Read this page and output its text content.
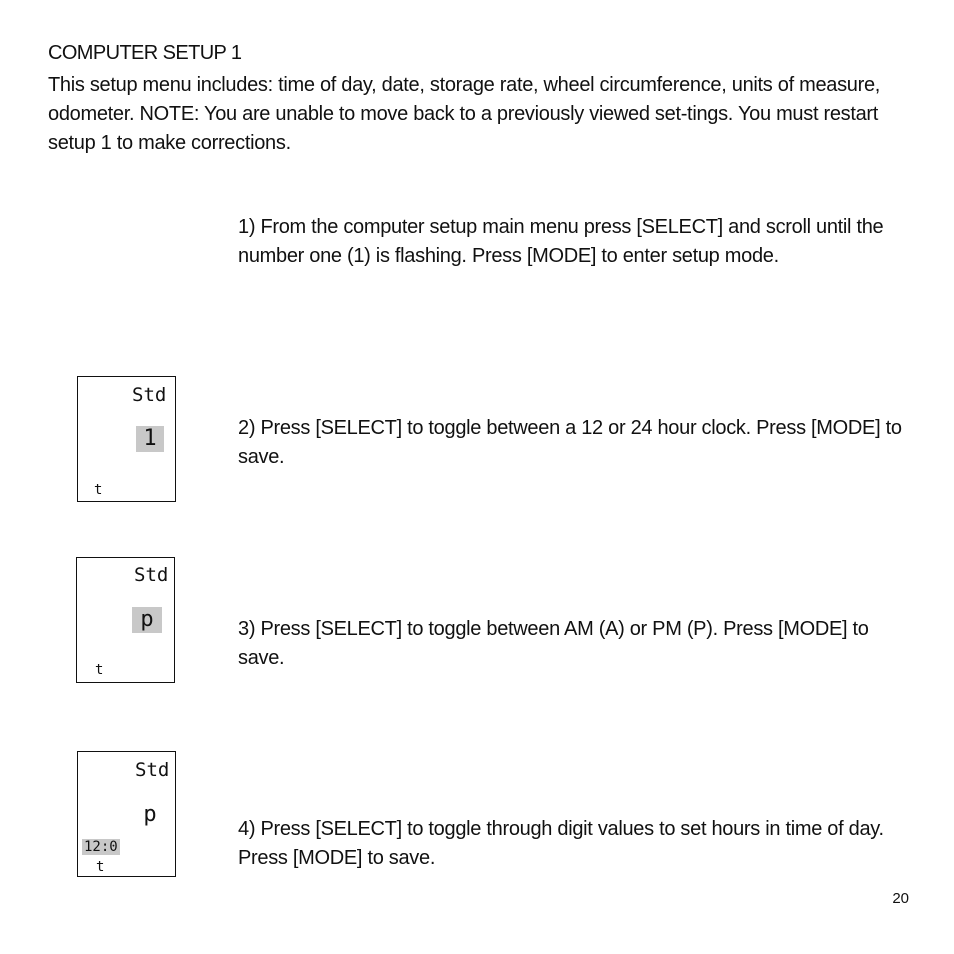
COMPUTER SETUP 1

This setup menu includes: time of day, date, storage rate, wheel circumference, units of measure, odometer. NOTE: You are unable to move back to a previously viewed set-tings. You must restart setup 1 to make corrections.

1) From the computer setup main menu press [SELECT] and scroll until the number one (1) is flashing. Press [MODE] to enter setup mode.

Std
1
t

2) Press [SELECT] to toggle between a 12 or 24 hour clock. Press [MODE] to save.

Std
p
t

3) Press [SELECT] to toggle between AM (A) or PM (P). Press [MODE] to save.

Std
p
12:0
t

4) Press [SELECT] to toggle through digit values to set hours in time of day. Press [MODE] to save.

20
